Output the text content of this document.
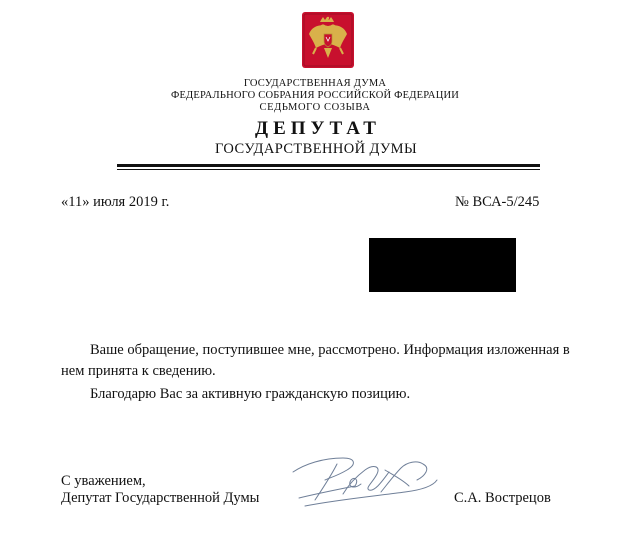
ГОСУДАРСТВЕННАЯ ДУМА
ФЕДЕРАЛЬНОГО СОБРАНИЯ РОССИЙСКОЙ ФЕДЕРАЦИИ
СЕДЬМОГО СОЗЫВА
ДЕПУТАТ
ГОСУДАРСТВЕННОЙ ДУМЫ
«11» июля 2019 г.	№ ВСА-5/245
Ваше обращение, поступившее мне, рассмотрено. Информация изложенная в
нем принята к сведению.
Благодарю Вас за активную гражданскую позицию.
С уважением,
Депутат Государственной Думы	С.А. Вострецов
